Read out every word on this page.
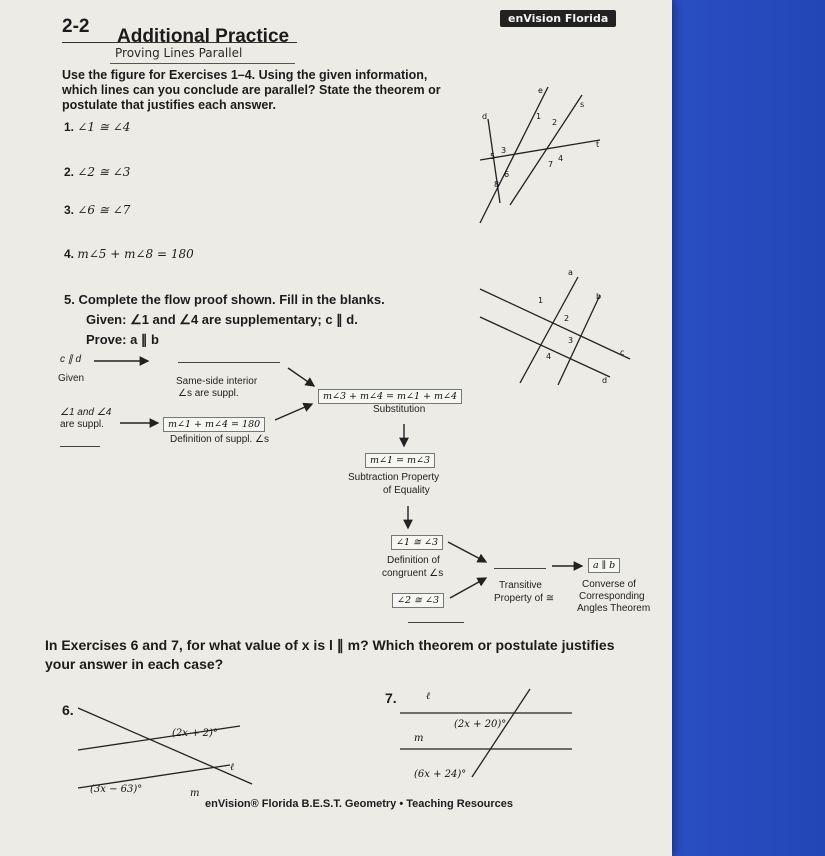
enVision Florida
2-2 Additional Practice
Proving Lines Parallel
Use the figure for Exercises 1–4. Using the given information, which lines can you conclude are parallel? State the theorem or postulate that justifies each answer.
1. ∠1 ≅ ∠4
2. ∠2 ≅ ∠3
3. ∠6 ≅ ∠7
4. m∠5 + m∠8 = 180
e
s
d
t
1
2
3
4
5
6
7
8
5. Complete the flow proof shown. Fill in the blanks.
Given: ∠1 and ∠4 are supplementary; c ∥ d.
Prove: a ∥ b
a
b
c
d
1
2
3
4
c ∥ d
Given	Same-side interior
∠s are suppl.	m∠3 + m∠4 = m∠1 + m∠4
Substitution
∠1 and ∠4
are suppl.	m∠1 + m∠4 = 180
Definition of suppl. ∠s
m∠1 = m∠3
Subtraction Property
of Equality
∠1 ≅ ∠3
Definition of
congruent ∠s
a ∥ b
Transitive
Property of ≅
Converse of
Corresponding
Angles Theorem
∠2 ≅ ∠3
In Exercises 6 and 7, for what value of x is l ∥ m? Which theorem or postulate justifies your answer in each case?
6.
(2x + 2)°
(3x − 63)°
ℓ
m
7.	ℓ
m
(2x + 20)°
(6x + 24)°
enVision® Florida B.E.S.T. Geometry • Teaching Resources
